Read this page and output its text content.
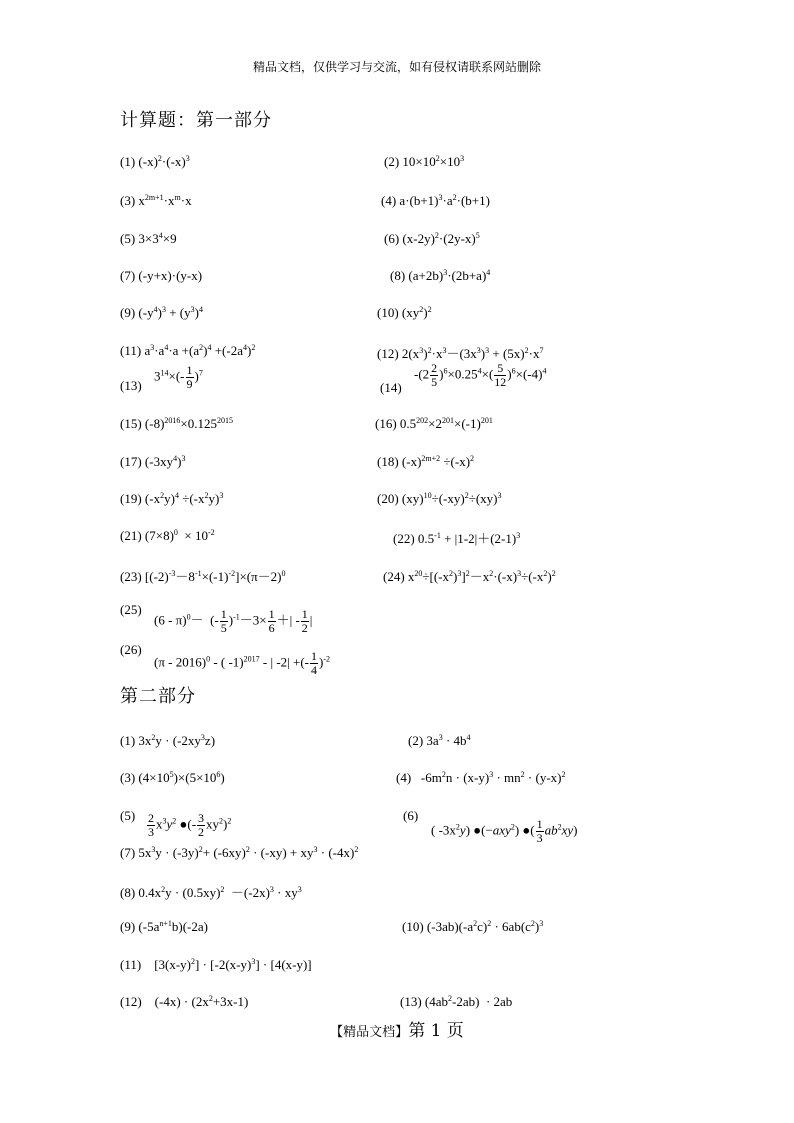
精品文档，仅供学习与交流，如有侵权请联系网站删除
计算题：第一部分
(1) $(-x)^2\cdot(-x)^3$	(2) $10\times 10^2\times 10^3$
(3) $x^{2m+1}\cdot x^m\cdot x$	(4) $a\cdot(b+1)^3\cdot a^2\cdot(b+1)$
(5) $3\times 3^4\times 9$	(6) $(x-2y)^2\cdot(2y-x)^5$
(7) (-y+x)·(y-x)	(8) $(a+2b)^3\cdot(2b+a)^4$
(9) $(-y^4)^3 + (y^3)^4$	(10) $(xy^2)^2$
(11) $a^3\cdot a^4\cdot a +(a^2)^4 +(-2a^4)^2$	(12) $2(x^3)^2\cdot x^3-(3x^3)^3 + (5x)^2\cdot x^7$
(13)
$3^{14}\times(- \frac{1}{9} )^7$
(14)
$-(2 \frac{2}{5} )^6\times 0.25^4\times( \frac{5}{12} )^6\times(-4)^4$
(15) $(-8)^{2016}\times 0.125^{2015}$	(16) $0.5^{202}\times 2^{201}\times(-1)^{201}$
(17) $(-3xy^4)^3$	(18) $(-x)^{2m+2} \div(-x)^2$
(19) $(-x^2y)^4 \div(-x^2y)^3$	(20) $(xy)^{10}\div(-xy)^2\div(xy)^3$
(21) $(7\times 8)^0 \times 10^{-2}$	(22) $0.5^{-1} + |1-2|+(2-1)^3$
(23) $[(-2)^{-3}-8^{-1}\times(-1)^{-2}]\times(\pi-2)^0$	(24) $x^{20}\div[(-x^2)^3]^2-x^2\cdot(-x)^3\div(-x^2)^2$
(25)
(6 - π)$^0$－  (- $\frac{1}{5} )^{-1}-3\times \frac{1}{6}$ ＋| - $\frac{1}{2}$ |
(26)
(π - 2016)$^0$ - ( -1)$^{2017}$ - | -2| +(- $\frac{1}{4} )^{-2}$
第二部分
(1) $3x^2y \cdot (-2xy^3z)$	(2) $3a^3 \cdot 4b^4$
(3) $(4\times 10^5)\times(5\times 10^6)$	(4)   $-6m^2n \cdot (x-y)^3 \cdot mn^2 \cdot (y-x)^2$
$(5) \frac{2}{3} x^3y^2$ ●(- $\frac{3}{2} xy^2)^2$	(6)
( $-3x^2y$) ●(−axy$^2$) ●( $\frac{1}{3} ab^2xy$)
(7) $5x^3y \cdot (-3y)^2+ (-6xy)^2 \cdot (-xy) + xy^3 \cdot (-4x)^2$
(8) $0.4x^2y \cdot (0.5xy)^2 -(-2x)^3 \cdot xy^3$
(9) $(-5a^{n+1}b)(-2a)$	(10) $(-3ab)(-a^2c)^2 \cdot 6ab(c^2)^3$
(11)    $[3(x-y)^2] \cdot [-2(x-y)^3] \cdot [4(x-y)]$
(12)    $(-4x) \cdot (2x^2+3x-1)$	(13) $(4ab^2-2ab) \cdot 2ab$
【精品文档】第 1 页
